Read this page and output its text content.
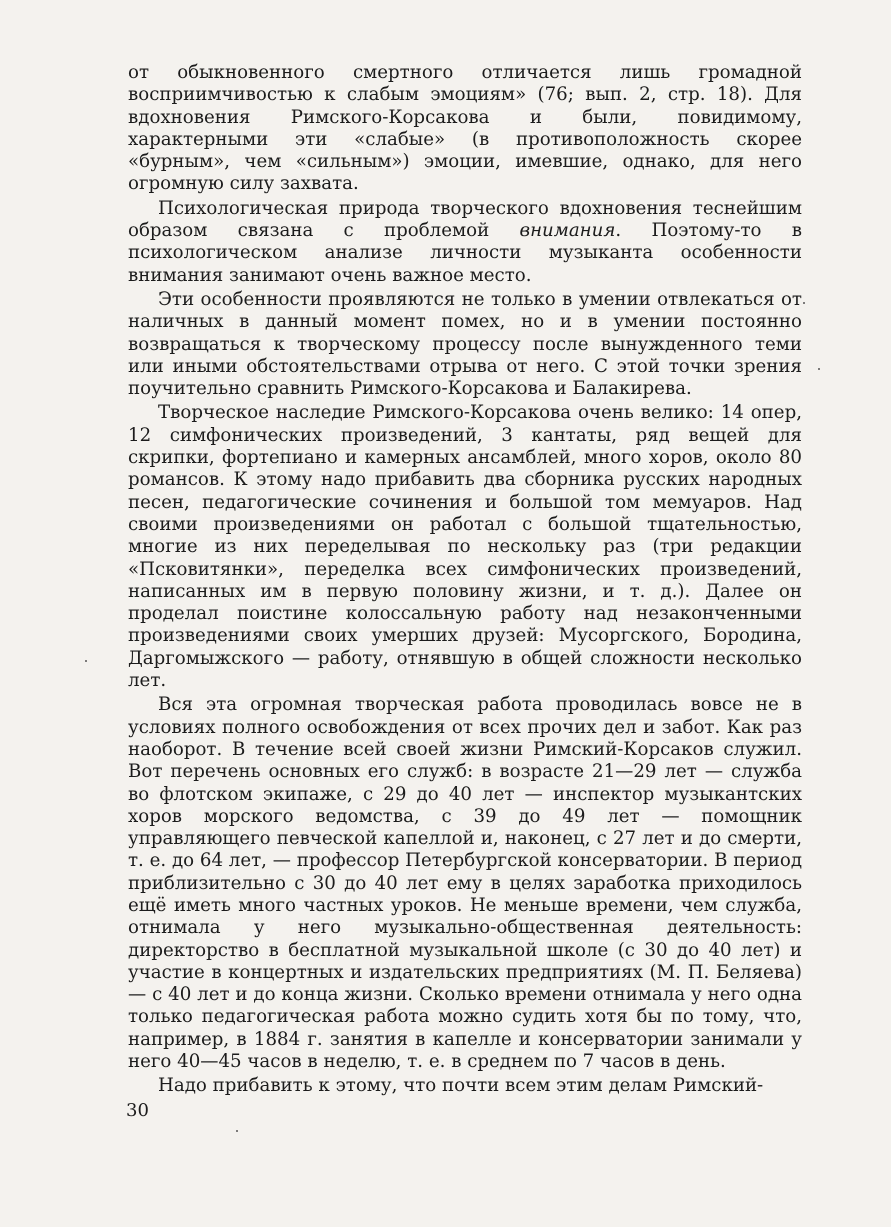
от обыкновенного смертного отличается лишь громадной восприимчивостью к слабым эмоциям» (76; вып. 2, стр. 18). Для вдохновения Римского-Корсакова и были, повидимому, характерными эти «слабые» (в противоположность скорее «бурным», чем «сильным») эмоции, имевшие, однако, для него огромную силу захвата.

Психологическая природа творческого вдохновения теснейшим образом связана с проблемой внимания. Поэтому-то в психологическом анализе личности музыканта особенности внимания занимают очень важное место.

Эти особенности проявляются не только в умении отвлекаться от наличных в данный момент помех, но и в умении постоянно возвращаться к творческому процессу после вынужденного теми или иными обстоятельствами отрыва от него. С этой точки зрения поучительно сравнить Римского-Корсакова и Балакирева.

Творческое наследие Римского-Корсакова очень велико: 14 опер, 12 симфонических произведений, 3 кантаты, ряд вещей для скрипки, фортепиано и камерных ансамблей, много хоров, около 80 романсов. К этому надо прибавить два сборника русских народных песен, педагогические сочинения и большой том мемуаров. Над своими произведениями он работал с большой тщательностью, многие из них переделывая по нескольку раз (три редакции «Псковитянки», переделка всех симфонических произведений, написанных им в первую половину жизни, и т. д.). Далее он проделал поистине колоссальную работу над незаконченными произведениями своих умерших друзей: Мусоргского, Бородина, Даргомыжского — работу, отнявшую в общей сложности несколько лет.

Вся эта огромная творческая работа проводилась вовсе не в условиях полного освобождения от всех прочих дел и забот. Как раз наоборот. В течение всей своей жизни Римский-Корсаков служил. Вот перечень основных его служб: в возрасте 21—29 лет — служба во флотском экипаже, с 29 до 40 лет — инспектор музыкантских хоров морского ведомства, с 39 до 49 лет — помощник управляющего певческой капеллой и, наконец, с 27 лет и до смерти, т. е. до 64 лет, — профессор Петербургской консерватории. В период приблизительно с 30 до 40 лет ему в целях заработка приходилось ещё иметь много частных уроков. Не меньше времени, чем служба, отнимала у него музыкально-общественная деятельность: директорство в бесплатной музыкальной школе (с 30 до 40 лет) и участие в концертных и издательских предприятиях (М. П. Беляева) — с 40 лет и до конца жизни. Сколько времени отнимала у него одна только педагогическая работа можно судить хотя бы по тому, что, например, в 1884 г. занятия в капелле и консерватории занимали у него 40—45 часов в неделю, т. е. в среднем по 7 часов в день.

Надо прибавить к этому, что почти всем этим делам Римский-

30
